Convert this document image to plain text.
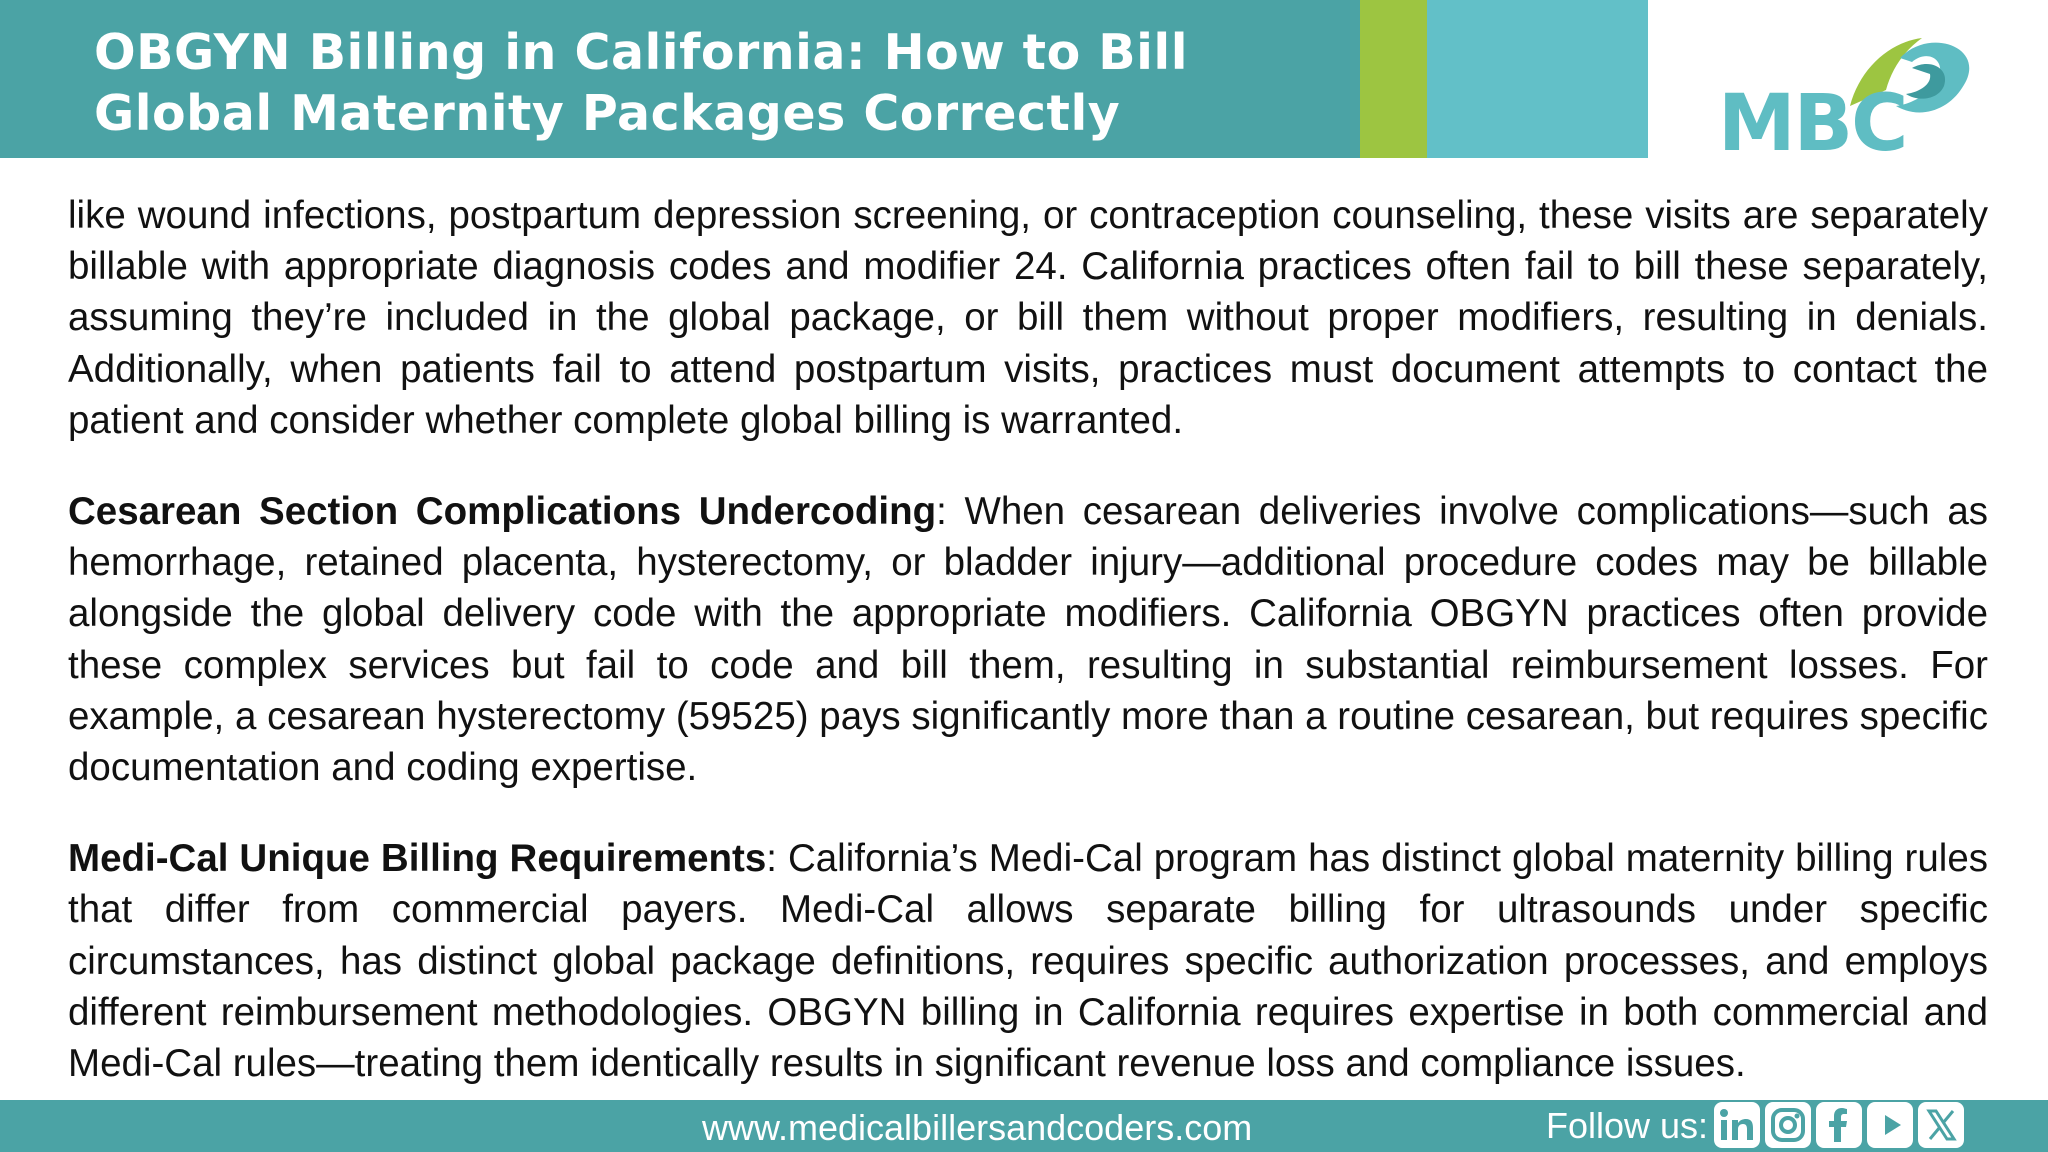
OBGYN Billing in California: How to Bill Global Maternity Packages Correctly	MBC

like wound infections, postpartum depression screening, or contraception counseling, these visits are separately billable with appropriate diagnosis codes and modifier 24. California practices often fail to bill these separately, assuming they’re included in the global package, or bill them without proper modifiers, resulting in denials. Additionally, when patients fail to attend postpartum visits, practices must document attempts to contact the patient and consider whether complete global billing is warranted.

Cesarean Section Complications Undercoding: When cesarean deliveries involve complications—such as hemorrhage, retained placenta, hysterectomy, or bladder injury—additional procedure codes may be billable alongside the global delivery code with the appropriate modifiers. California OBGYN practices often provide these complex services but fail to code and bill them, resulting in substantial reimbursement losses. For example, a cesarean hysterectomy (59525) pays significantly more than a routine cesarean, but requires specific documentation and coding expertise.

Medi-Cal Unique Billing Requirements: California’s Medi-Cal program has distinct global maternity billing rules that differ from commercial payers. Medi-Cal allows separate billing for ultrasounds under specific circumstances, has distinct global package definitions, requires specific authorization processes, and employs different reimbursement methodologies. OBGYN billing in California requires expertise in both commercial and Medi-Cal rules—treating them identically results in significant revenue loss and compliance issues.

www.medicalbillersandcoders.com	Follow us:
